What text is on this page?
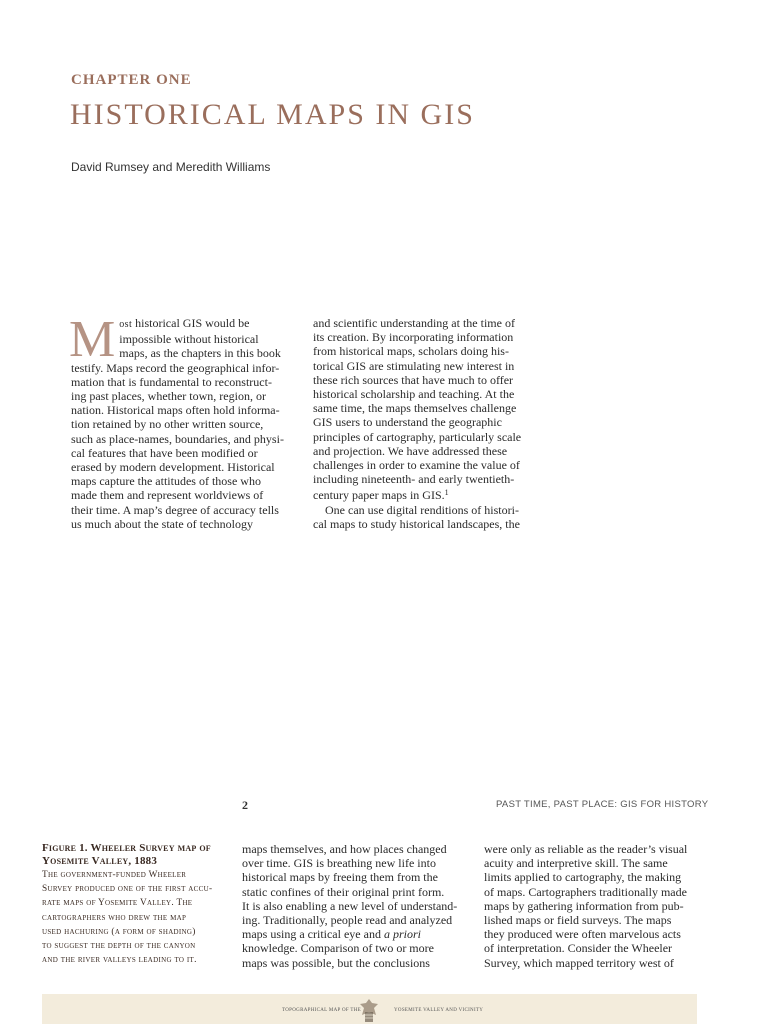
CHAPTER ONE
HISTORICAL MAPS IN GIS
David Rumsey and Meredith Williams
M ost historical GIS would be
impossible without historical
maps, as the chapters in this book
testify. Maps record the geographical infor-
mation that is fundamental to reconstruct-
ing past places, whether town, region, or
nation. Historical maps often hold informa-
tion retained by no other written source,
such as place-names, boundaries, and physi-
cal features that have been modified or
erased by modern development. Historical
maps capture the attitudes of those who
made them and represent worldviews of
their time. A map’s degree of accuracy tells
us much about the state of technology

and scientific understanding at the time of
its creation. By incorporating information
from historical maps, scholars doing his-
torical GIS are stimulating new interest in
these rich sources that have much to offer
historical scholarship and teaching. At the
same time, the maps themselves challenge
GIS users to understand the geographic
principles of cartography, particularly scale
and projection. We have addressed these
challenges in order to examine the value of
including nineteenth- and early twentieth-
century paper maps in GIS.$^1$

One can use digital renditions of histori-
cal maps to study historical landscapes, the

2	PAST TIME, PAST PLACE: GIS FOR HISTORY

Figure 1. Wheeler Survey map of
Yosemite Valley, 1883

The government-funded Wheeler
Survey produced one of the first accu-
rate maps of Yosemite Valley. The
cartographers who drew the map
used hachuring (a form of shading)
to suggest the depth of the canyon
and the river valleys leading to it.

maps themselves, and how places changed
over time. GIS is breathing new life into
historical maps by freeing them from the
static confines of their original print form.
It is also enabling a new level of understand-
ing. Traditionally, people read and analyzed
maps using a critical eye and a priori
knowledge. Comparison of two or more
maps was possible, but the conclusions

were only as reliable as the reader’s visual
acuity and interpretive skill. The same
limits applied to cartography, the making
of maps. Cartographers traditionally made
maps by gathering information from pub-
lished maps or field surveys. The maps
they produced were often marvelous acts
of interpretation. Consider the Wheeler
Survey, which mapped territory west of

TOPOGRAPHICAL MAP OF THE	YOSEMITE VALLEY AND VICINITY
